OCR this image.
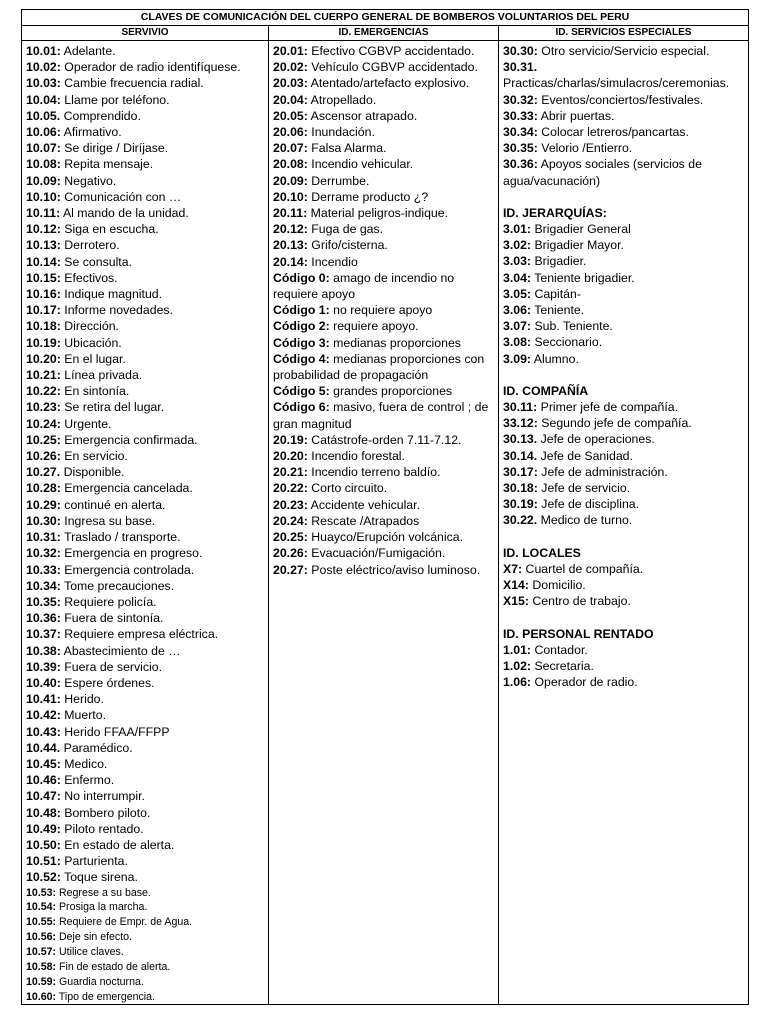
CLAVES DE COMUNICACIÓN DEL CUERPO GENERAL DE BOMBEROS VOLUNTARIOS DEL PERU
SERVIVIO	ID. EMERGENCIAS	ID. SERVICIOS ESPECIALES
10.01: Adelante.
10.02: Operador de radio identifíquese.
10.03: Cambie frecuencia radial.
10.04: Llame por teléfono.
10.05. Comprendido.
10.06: Afirmativo.
10.07: Se dirige / Diríjase.
10.08: Repita mensaje.
10.09: Negativo.
10.10: Comunicación con …
10.11: Al mando de la unidad.
10.12: Siga en escucha.
10.13: Derrotero.
10.14: Se consulta.
10.15: Efectivos.
10.16: Indique magnitud.
10.17: Informe novedades.
10.18: Dirección.
10.19: Ubicación.
10.20: En el lugar.
10.21: Línea privada.
10.22: En sintonía.
10.23: Se retira del lugar.
10.24: Urgente.
10.25: Emergencia confirmada.
10.26: En servicio.
10.27. Disponible.
10.28: Emergencia cancelada.
10.29: continué en alerta.
10.30: Ingresa su base.
10.31: Traslado / transporte.
10.32: Emergencia en progreso.
10.33: Emergencia controlada.
10.34: Tome precauciones.
10.35: Requiere policía.
10.36: Fuera de sintonía.
10.37: Requiere empresa eléctrica.
10.38: Abastecimiento de …
10.39: Fuera de servicio.
10.40: Espere órdenes.
10.41: Herido.
10.42: Muerto.
10.43: Herido FFAA/FFPP
10.44. Paramédico.
10.45: Medico.
10.46: Enfermo.
10.47: No interrumpir.
10.48: Bombero piloto.
10.49: Piloto rentado.
10.50: En estado de alerta.
10.51: Parturienta.
10.52: Toque sirena.
10.53: Regrese a su base.
10.54: Prosiga la marcha.
10.55: Requiere de Empr. de Agua.
10.56: Deje sin efecto.
10.57: Utilice claves.
10.58: Fin de estado de alerta.
10.59: Guardia nocturna.
10.60: Tipo de emergencia.
20.01: Efectivo CGBVP accidentado.
20.02: Vehículo CGBVP accidentado.
20.03: Atentado/artefacto explosivo.
20.04: Atropellado.
20.05: Ascensor atrapado.
20.06: Inundación.
20.07: Falsa Alarma.
20.08: Incendio vehicular.
20.09: Derrumbe.
20.10: Derrame producto ¿?
20.11: Material peligros-indique.
20.12: Fuga de gas.
20.13: Grifo/cisterna.
20.14: Incendio
Código 0: amago de incendio no requiere apoyo
Código 1: no requiere apoyo
Código 2: requiere apoyo.
Código 3: medianas proporciones
Código 4: medianas proporciones con probabilidad de propagación
Código 5: grandes proporciones
Código 6: masivo, fuera de control ; de gran magnitud
20.19: Catástrofe-orden 7.11-7.12.
20.20: Incendio forestal.
20.21: Incendio terreno baldío.
20.22: Corto circuito.
20.23: Accidente vehicular.
20.24: Rescate /Atrapados
20.25: Huayco/Erupción volcánica.
20.26: Evacuación/Fumigación.
20.27: Poste eléctrico/aviso luminoso.
30.30: Otro servicio/Servicio especial.
30.31.
Practicas/charlas/simulacros/ceremonias.
30.32: Eventos/conciertos/festivales.
30.33: Abrir puertas.
30.34: Colocar letreros/pancartas.
30.35: Velorio /Entierro.
30.36: Apoyos sociales (servicios de agua/vacunación)
ID. JERARQUÍAS:
3.01: Brigadier General
3.02: Brigadier Mayor.
3.03: Brigadier.
3.04: Teniente brigadier.
3.05: Capitán-
3.06: Teniente.
3.07: Sub. Teniente.
3.08: Seccionario.
3.09: Alumno.
ID. COMPAÑÍA
30.11: Primer jefe de compañía.
33.12: Segundo jefe de compañía.
30.13. Jefe de operaciones.
30.14. Jefe de Sanidad.
30.17: Jefe de administración.
30.18: Jefe de servicio.
30.19: Jefe de disciplina.
30.22. Medico de turno.
ID. LOCALES
X7: Cuartel de compañía.
X14: Domicilio.
X15: Centro de trabajo.
ID. PERSONAL RENTADO
1.01: Contador.
1.02: Secretaria.
1.06: Operador de radio.
